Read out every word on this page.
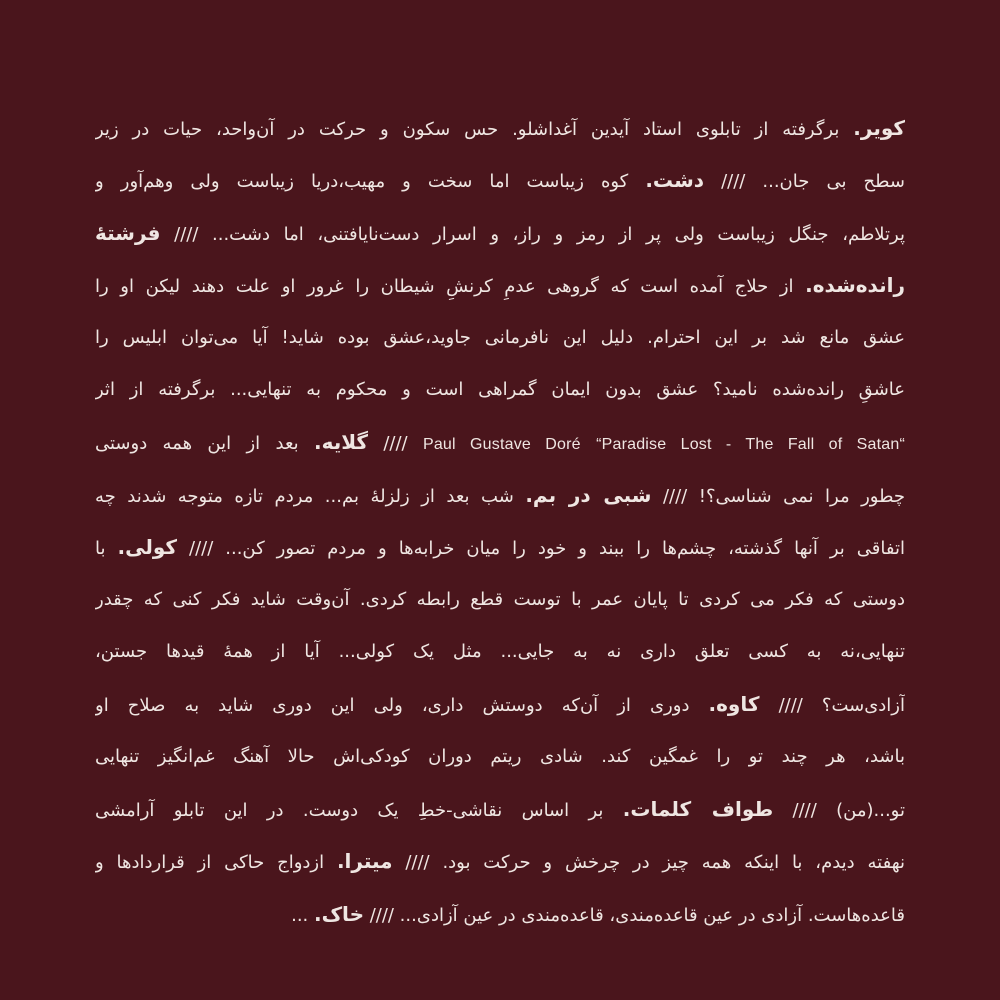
کویر. برگرفته از تابلوی استاد آیدین آغداشلو. حس سکون و حرکت در آن‌واحد، حیات در زیر
سطح بی جان... //// دشت. کوه زیباست اما سخت و مهیب،دریا زیباست ولی وهم‌آور و
پرتلاطم، جنگل زیباست ولی پر از رمز و راز، و اسرار دست‌نایافتنی، اما دشت... //// فرشتۀ
رانده‌شده. از حلاج آمده است که گروهی عدمِ کرنشِ شیطان را غرور او علت دهند لیکن او را
عشق مانع شد بر این احترام. دلیل این نافرمانی جاوید،عشق بوده شاید! آیا می‌توان ابلیس را
عاشقِ رانده‌شده نامید؟ عشق بدون ایمان گمراهی است و محکوم به تنهایی... برگرفته از اثر
“Paradise Lost - The Fall of Satan“ Paul Gustave Doré //// گلایه. بعد از این همه دوستی
چطور مرا نمی شناسی؟! //// شبی در بم. شب بعد از زلزلۀ بم... مردم تازه متوجه شدند چه
اتفاقی بر آنها گذشته، چشم‌ها را ببند و خود را میان خرابه‌ها و مردم تصور کن... //// کولی. با
دوستی که فکر می کردی تا پایان عمر با توست قطع رابطه کردی. آن‌وقت شاید فکر کنی که چقدر
تنهایی،نه به کسی تعلق داری نه به جایی... مثل یک کولی... آیا از همۀ قیدها جستن،
آزادی‌ست؟ //// کاوه. دوری از آن‌که دوستش داری، ولی این دوری شاید به صلاح او
باشد، هر چند تو را غمگین کند. شادی ریتم دوران کودکی‌اش حالا آهنگ غم‌انگیز تنهایی
تو...(من) //// طواف کلمات. بر اساس نقاشی-خطِ یک دوست. در این تابلو آرامشی
نهفته دیدم، با اینکه همه چیز در چرخش و حرکت بود. //// میترا. ازدواج حاکی از قراردادها و
قاعده‌هاست. آزادی در عین قاعده‌مندی، قاعده‌مندی در عین آزادی... //// خاک. ...
